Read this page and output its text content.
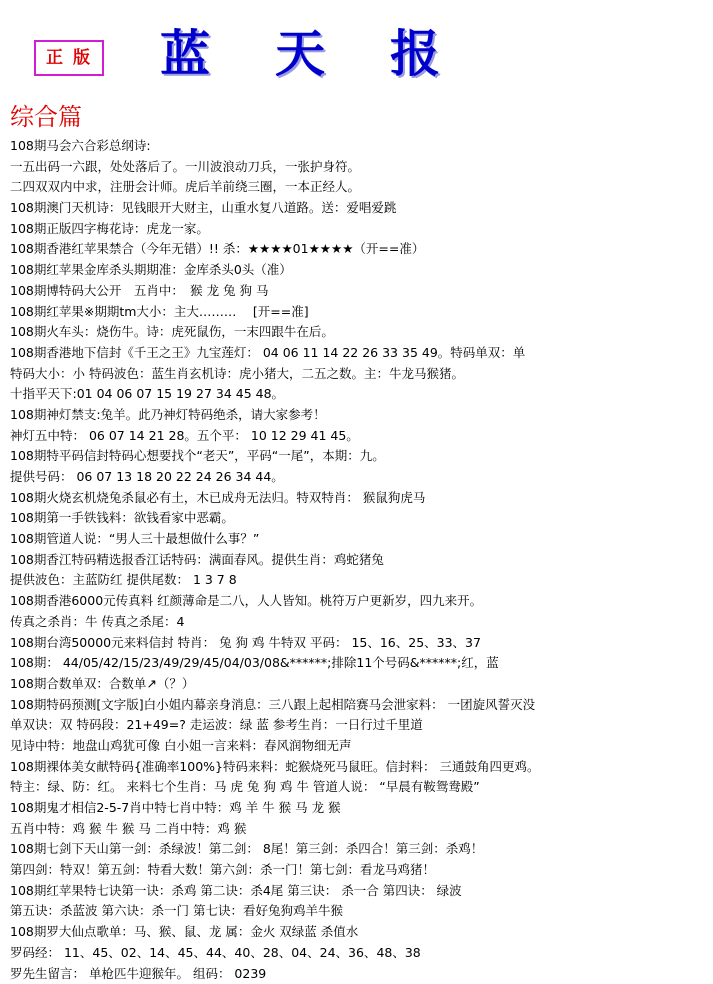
正 版 蓝 天 报
综合篇
108期马会六合彩总纲诗:
一五出码一六跟，处处落后了。一川波浪动刀兵，一张护身符。
二四双双内中求，注册会计师。虎后羊前绕三圈，一本正经人。
108期澳门天机诗：见钱眼开大财主，山重水复八道路。送：爱唱爱跳
108期正版四字梅花诗：虎龙一家。
108期香港红苹果禁合（今年无错）!! 杀：★★★★01★★★★（开==准）
108期红苹果金库杀头期期准：金库杀头0头（准）
108期博特码大公开　五肖中：　猴 龙 兔 狗 马
108期红苹果※期期tm大小：主大……… 　[开==准]
108期火车头：烧伤牛。诗：虎死鼠伤，一末四跟牛在后。
108期香港地下信封《千王之王》九宝莲灯： 04 06 11 14 22 26 33 35 49。特码单双：单
特码大小：小 特码波色：蓝生肖玄机诗：虎小猪大，二五之数。主：牛龙马猴猪。
十指平天下:01 04 06 07 15 19 27 34 45 48。
108期神灯禁支:兔羊。此乃神灯特码绝杀，请大家参考！
神灯五中特： 06 07 14 21 28。五个平： 10 12 29 41 45。
108期特平码信封特码心想要找个“老天”，平码“一尾”，本期：九。
提供号码： 06 07 13 18 20 22 24 26 34 44。
108期火烧玄机烧兔杀鼠必有土，木已成舟无法归。特双特肖： 猴鼠狗虎马
108期第一手铁钱料：欲钱看家中恶霸。
108期管道人说：“男人三十最想做什么事？”
108期香江特码精选报香江话特码：满面春风。提供生肖：鸡蛇猪兔
提供波色：主蓝防红 提供尾数： 1 3 7 8
108期香港6000元传真料 红颜薄命是二八，人人皆知。桃符万户更新岁，四九来开。
传真之杀肖：牛 传真之杀尾：4
108期台湾50000元来料信封 特肖： 兔 狗 鸡 牛特双 平码： 15、16、25、33、37
108期： 44/05/42/15/23/49/29/45/04/03/08&******;排除11个号码&******;红，蓝
108期合数单双：合数单↗（？）
108期特码预测[文字版]白小姐内幕亲身消息：三八跟上起相陪赛马会泄家料： 一团旋风誓灭没
单双诀：双 特码段：21+49=? 走运波：绿 蓝 参考生肖：一日行过千里道
见诗中特：地盘山鸡犹可像 白小姐一言来料：春风润物细无声
108期裸体美女献特码{准确率100%}特码来料：蛇猴烧死马鼠旺。信封料： 三通鼓角四更鸡。
特主：绿、防：红。 来料七个生肖：马 虎 兔 狗 鸡 牛 管道人说： “早晨有鞍鸳鸯殿”
108期鬼才相信2-5-7肖中特七肖中特：鸡 羊 牛 猴 马 龙 猴
五肖中特：鸡 猴 牛 猴 马 二肖中特：鸡 猴
108期七剑下天山第一剑：杀绿波！第二剑： 8尾！第三剑：杀四合！第三剑：杀鸡！
第四剑：特双！第五剑：特看大数！第六剑：杀一门！第七剑：看龙马鸡猪！
108期红苹果特七诀第一诀：杀鸡 第二诀：杀4尾 第三诀： 杀一合 第四诀： 绿波
第五诀：杀蓝波 第六诀：杀一门 第七诀：看好兔狗鸡羊牛猴
108期罗大仙点歌单：马、猴、鼠、龙 属：金火 双绿蓝 杀值水
罗码经： 11、45、02、14、45、44、40、28、04、24、36、48、38
罗先生留言： 单枪匹牛迎猴年。 组码： 0239
